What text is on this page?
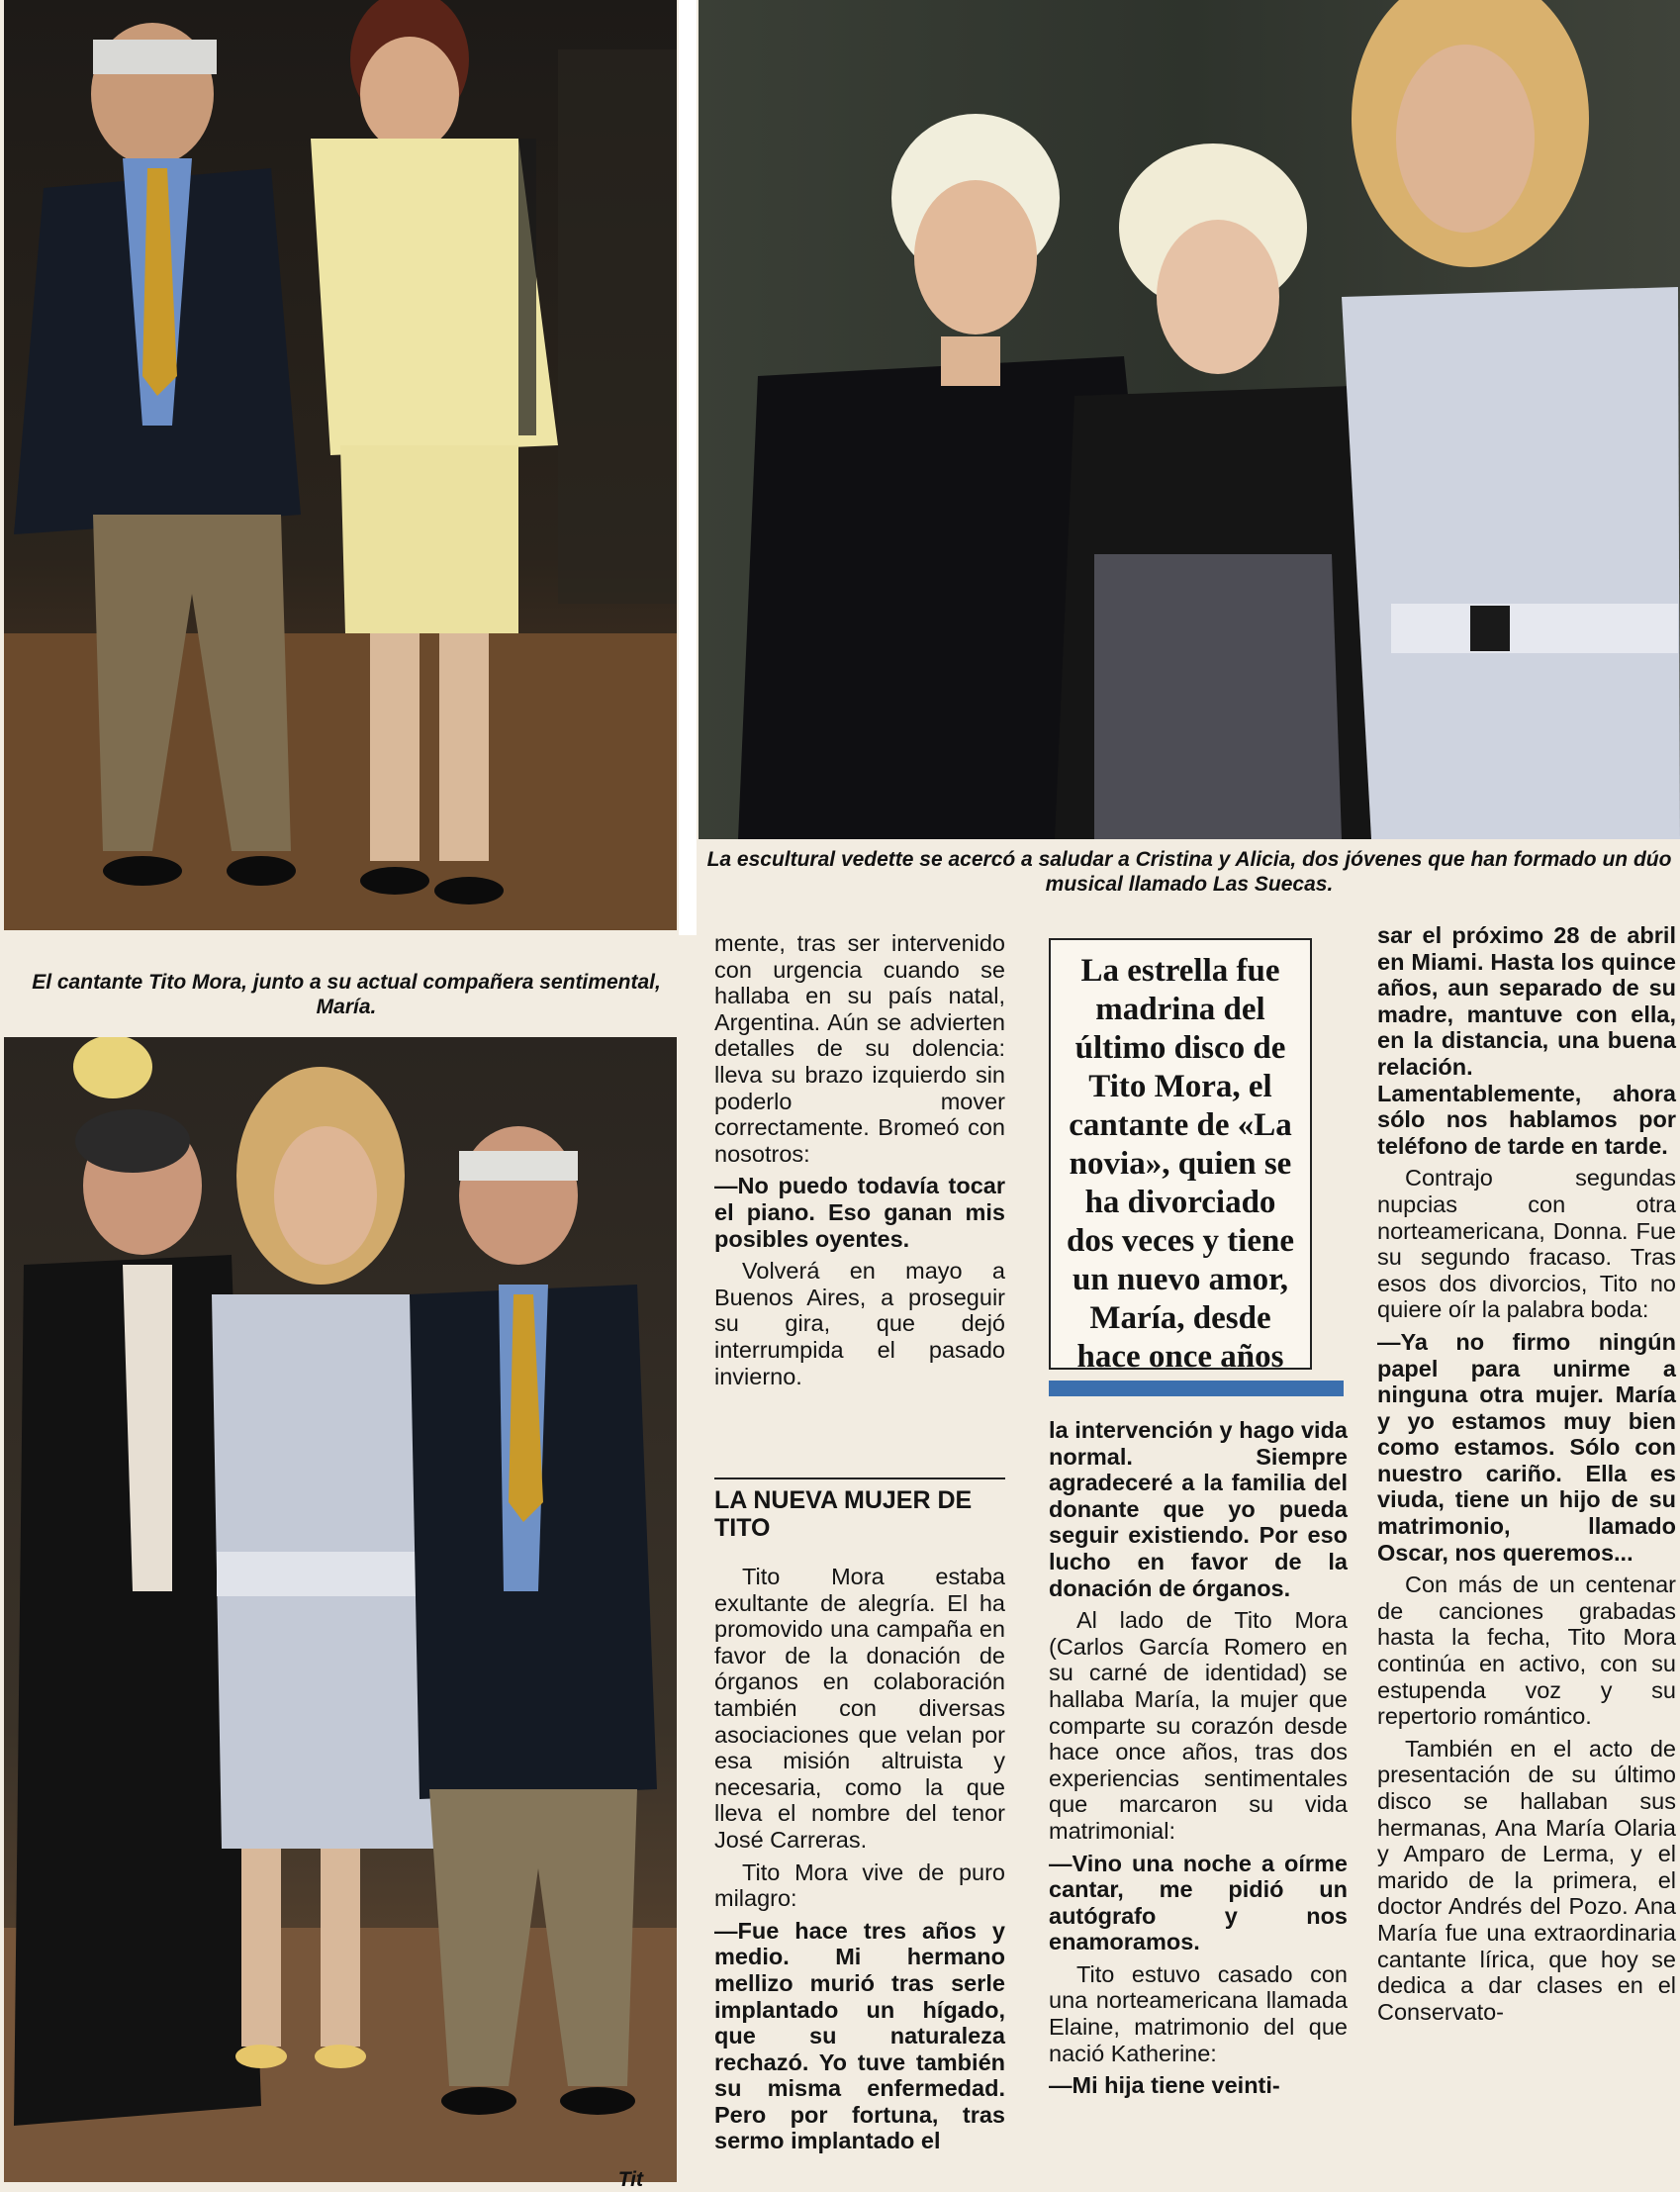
El cantante Tito Mora, junto a su actual compañera sentimental, María.
La escultural vedette se acercó a saludar a Cristina y Alicia, dos jóvenes que han formado un dúo musical llamado Las Suecas.
Tit

mente, tras ser intervenido con urgencia cuando se hallaba en su país natal, Argentina. Aún se advierten detalles de su dolencia: lleva su brazo izquierdo sin poderlo mover correctamente. Bromeó con nosotros:

—No puedo todavía tocar el piano. Eso ganan mis posibles oyentes.

Volverá en mayo a Buenos Aires, a proseguir su gira, que dejó interrumpida el pasado invierno.

LA NUEVA MUJER DE TITO

Tito Mora estaba exultante de alegría. El ha promovido una campaña en favor de la donación de órganos en colaboración también con diversas asociaciones que velan por esa misión altruista y necesaria, como la que lleva el nombre del tenor José Carreras.

Tito Mora vive de puro milagro:

—Fue hace tres años y medio. Mi hermano mellizo murió tras serle implantado un hígado, que su naturaleza rechazó. Yo tuve también su misma enfermedad. Pero por fortuna, tras sermo implantado el

La estrella fue madrina del último disco de Tito Mora, el cantante de «La novia», quien se ha divorciado dos veces y tiene un nuevo amor, María, desde hace once años

la intervención y hago vida normal. Siempre agradeceré a la familia del donante que yo pueda seguir existiendo. Por eso lucho en favor de la donación de órganos.

Al lado de Tito Mora (Carlos García Romero en su carné de identidad) se hallaba María, la mujer que comparte su corazón desde hace once años, tras dos experiencias sentimentales que marcaron su vida matrimonial:

—Vino una noche a oírme cantar, me pidió un autógrafo y nos enamoramos.

Tito estuvo casado con una norteamericana llamada Elaine, matrimonio del que nació Katherine:

—Mi hija tiene veinti-

sar el próximo 28 de abril en Miami. Hasta los quince años, aun separado de su madre, mantuve con ella, en la distancia, una buena relación. Lamentablemente, ahora sólo nos hablamos por teléfono de tarde en tarde.

Contrajo segundas nupcias con otra norteamericana, Donna. Fue su segundo fracaso. Tras esos dos divorcios, Tito no quiere oír la palabra boda:

—Ya no firmo ningún papel para unirme a ninguna otra mujer. María y yo estamos muy bien como estamos. Sólo con nuestro cariño. Ella es viuda, tiene un hijo de su matrimonio, llamado Oscar, nos queremos...

Con más de un centenar de canciones grabadas hasta la fecha, Tito Mora continúa en activo, con su estupenda voz y su repertorio romántico.

También en el acto de presentación de su último disco se hallaban sus hermanas, Ana María Olaria y Amparo de Lerma, y el marido de la primera, el doctor Andrés del Pozo. Ana María fue una extraordinaria cantante lírica, que hoy se dedica a dar clases en el Conservato-
